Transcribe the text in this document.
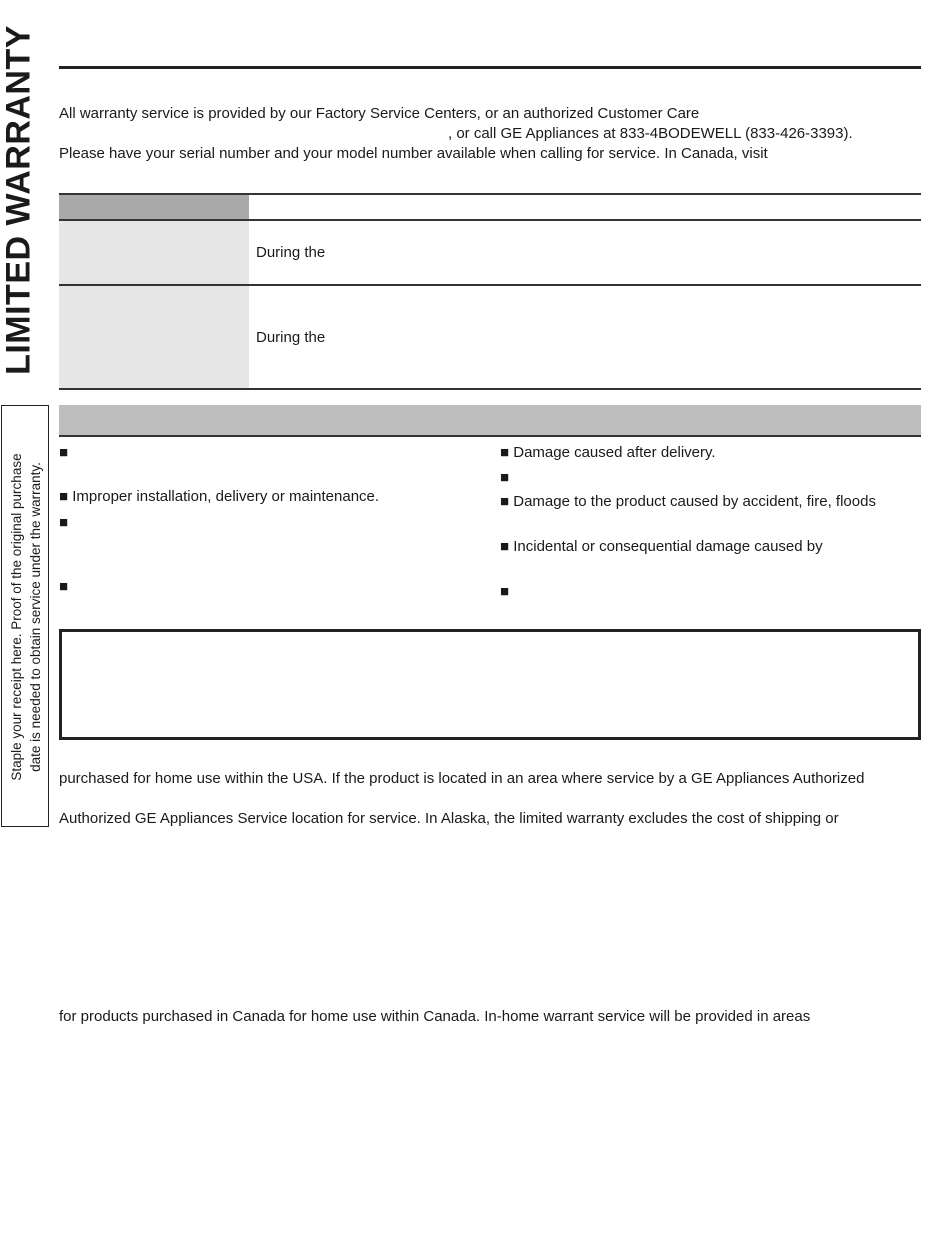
LIMITED WARRANTY
Staple your receipt here. Proof of the original purchase date is needed to obtain service under the warranty.
All warranty service is provided by our Factory Service Centers, or an authorized Customer Care
, or call GE Appliances at 833-4BODEWELL (833-426-3393).
Please have your serial number and your model number available when calling for service. In Canada, visit
During the
During the
■
■ Improper installation, delivery or maintenance.
■
■
■ Damage caused after delivery.
■
■ Damage to the product caused by accident, fire, floods
■ Incidental or consequential damage caused by
■
purchased for home use within the USA. If the product is located in an area where service by a GE Appliances Authorized
Authorized GE Appliances Service location for service. In Alaska, the limited warranty excludes the cost of shipping or
for products purchased in Canada for home use within Canada. In-home warrant service will be provided in areas
